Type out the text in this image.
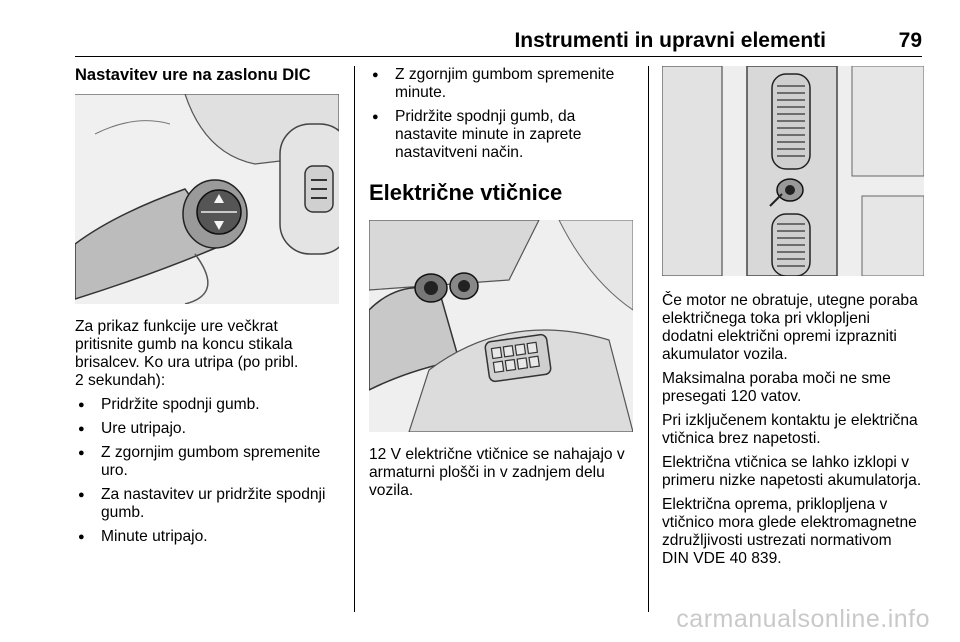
Instrumenti in upravni elementi	79
Nastavitev ure na zaslonu DIC

Za prikaz funkcije ure večkrat
pritisnite gumb na koncu stikala
brisalcev. Ko ura utripa (po pribl.
2 sekundah):

● Pridržite spodnji gumb.
● Ure utripajo.
● Z zgornjim gumbom spremenite
uro.
● Za nastavitev ur pridržite spodnji
gumb.
● Minute utripajo.
● Z zgornjim gumbom spremenite
minute.
● Pridržite spodnji gumb, da
nastavite minute in zaprete
nastavitveni način.
Električne vtičnice

12 V električne vtičnice se nahajajo v
armaturni plošči in v zadnjem delu
vozila.

Če motor ne obratuje, utegne poraba
električnega toka pri vklopljeni
dodatni električni opremi izprazniti
akumulator vozila.

Maksimalna poraba moči ne sme
presegati 120 vatov.

Pri izključenem kontaktu je električna
vtičnica brez napetosti.

Električna vtičnica se lahko izklopi v
primeru nizke napetosti akumulatorja.

Električna oprema, priklopljena v
vtičnico mora glede elektromagnetne
združljivosti ustrezati normativom
DIN VDE 40 839.

carmanualsonline.info
